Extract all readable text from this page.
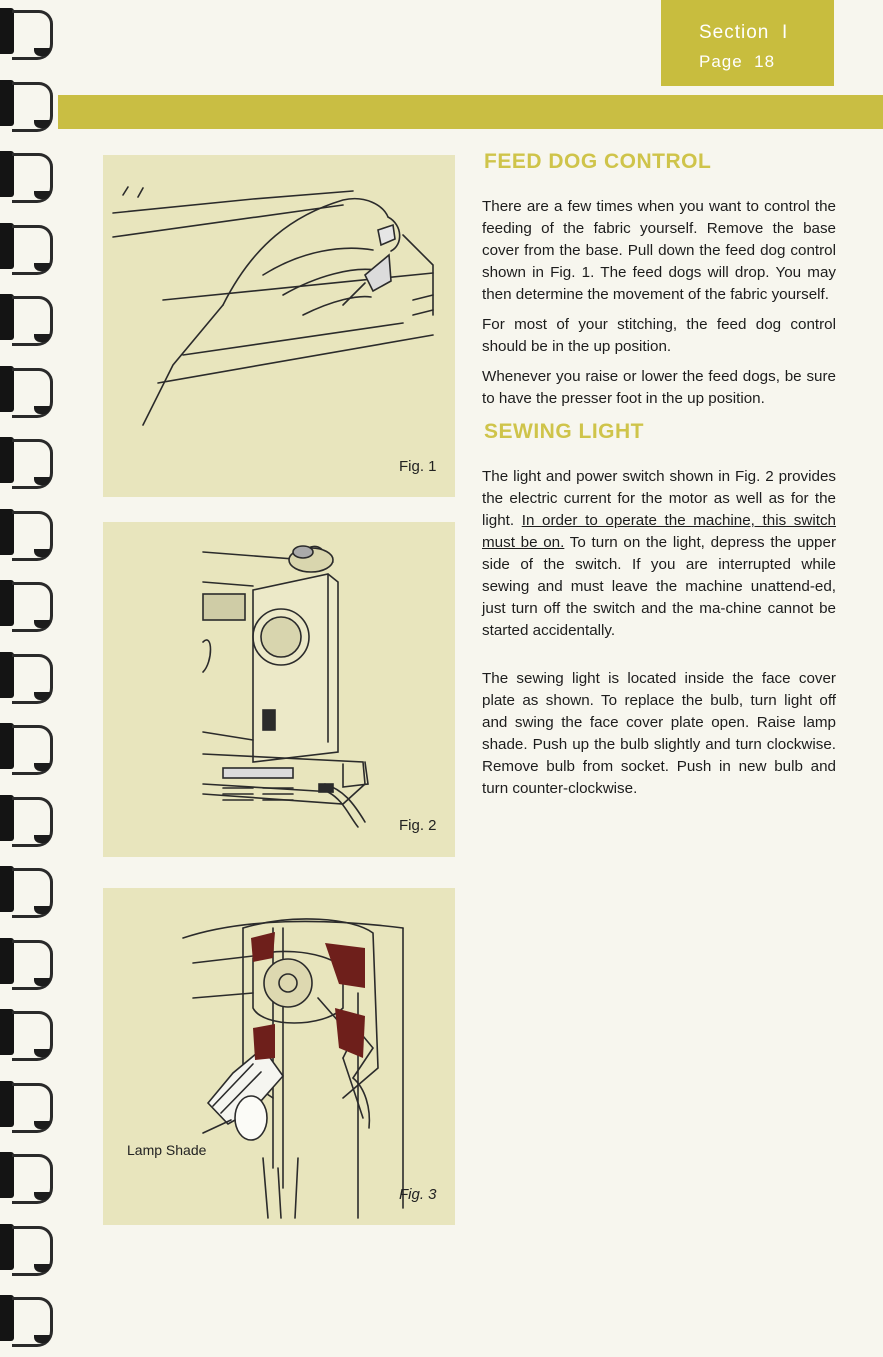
Section I
Page 18
Fig. 1
Fig. 2
Lamp Shade
Fig. 3
FEED DOG CONTROL

There are a few times when you want to control the feeding of the fabric yourself. Remove the base cover from the base. Pull down the feed dog control shown in Fig. 1. The feed dogs will drop. You may then determine the movement of the fabric yourself.

For most of your stitching, the feed dog control should be in the up position.

Whenever you raise or lower the feed dogs, be sure to have the presser foot in the up position.

SEWING LIGHT

The light and power switch shown in Fig. 2 provides the electric current for the motor as well as for the light. In order to operate the machine, this switch must be on. To turn on the light, depress the upper side of the switch. If you are interrupted while sewing and must leave the machine unattend-ed, just turn off the switch and the ma-chine cannot be started accidentally.

The sewing light is located inside the face cover plate as shown. To replace the bulb, turn light off and swing the face cover plate open. Raise lamp shade. Push up the bulb slightly and turn clockwise. Remove bulb from socket. Push in new bulb and turn counter-clockwise.
